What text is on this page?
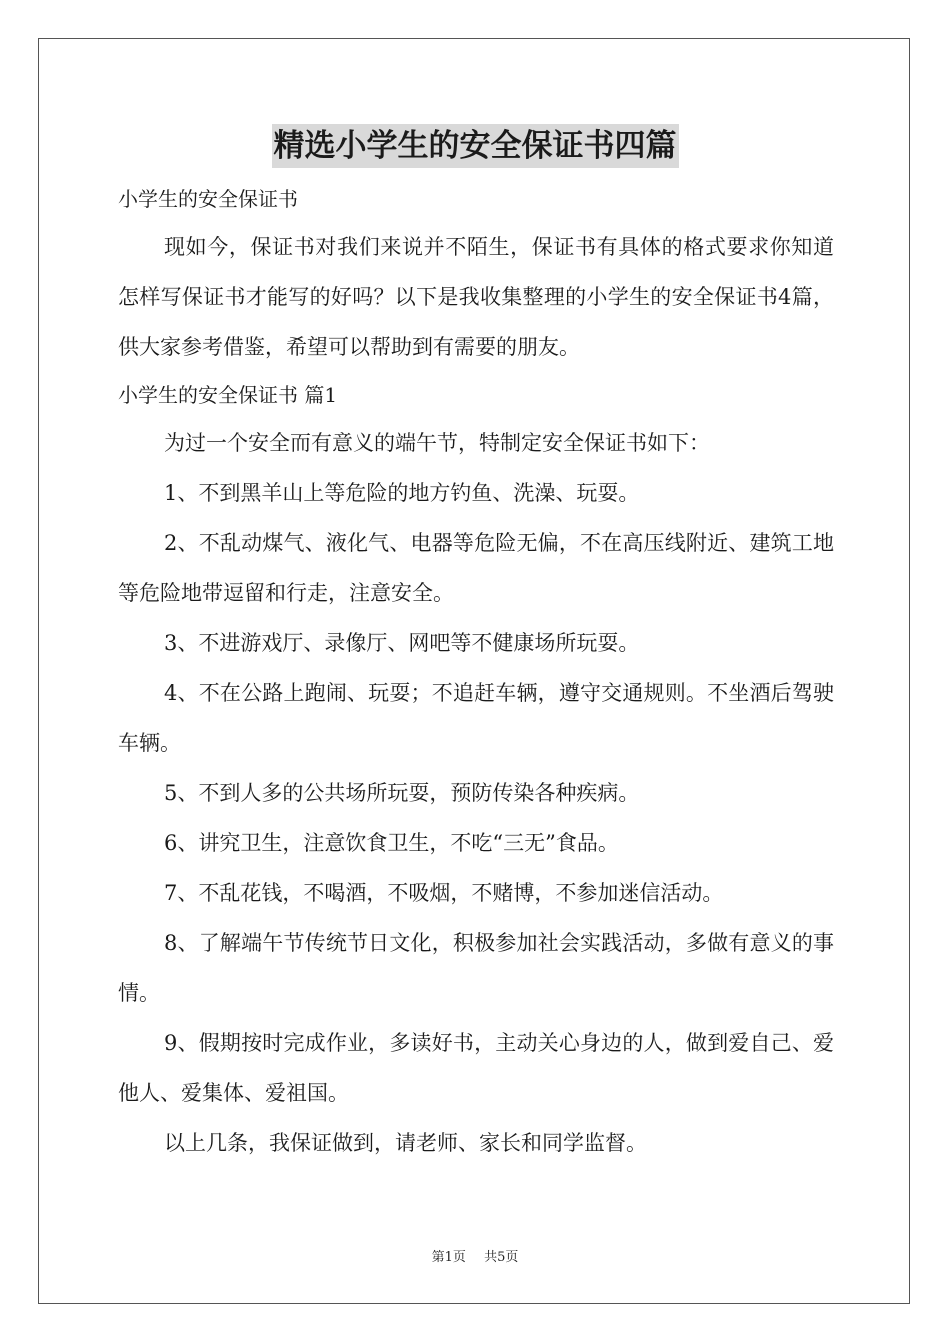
精选小学生的安全保证书四篇

小学生的安全保证书

现如今，保证书对我们来说并不陌生，保证书有具体的格式要求你知道怎样写保证书才能写的好吗？以下是我收集整理的小学生的安全保证书4篇，供大家参考借鉴，希望可以帮助到有需要的朋友。

小学生的安全保证书 篇1

为过一个安全而有意义的端午节，特制定安全保证书如下：

1、不到黑羊山上等危险的地方钓鱼、洗澡、玩耍。

2、不乱动煤气、液化气、电器等危险无偏，不在高压线附近、建筑工地等危险地带逗留和行走，注意安全。

3、不进游戏厅、录像厅、网吧等不健康场所玩耍。

4、不在公路上跑闹、玩耍；不追赶车辆，遵守交通规则。不坐酒后驾驶车辆。

5、不到人多的公共场所玩耍，预防传染各种疾病。

6、讲究卫生，注意饮食卫生，不吃“三无”食品。

7、不乱花钱，不喝酒，不吸烟，不赌博，不参加迷信活动。

8、了解端午节传统节日文化，积极参加社会实践活动，多做有意义的事情。

9、假期按时完成作业，多读好书，主动关心身边的人，做到爱自己、爱他人、爱集体、爱祖国。

以上几条，我保证做到，请老师、家长和同学监督。

第1页 共5页
